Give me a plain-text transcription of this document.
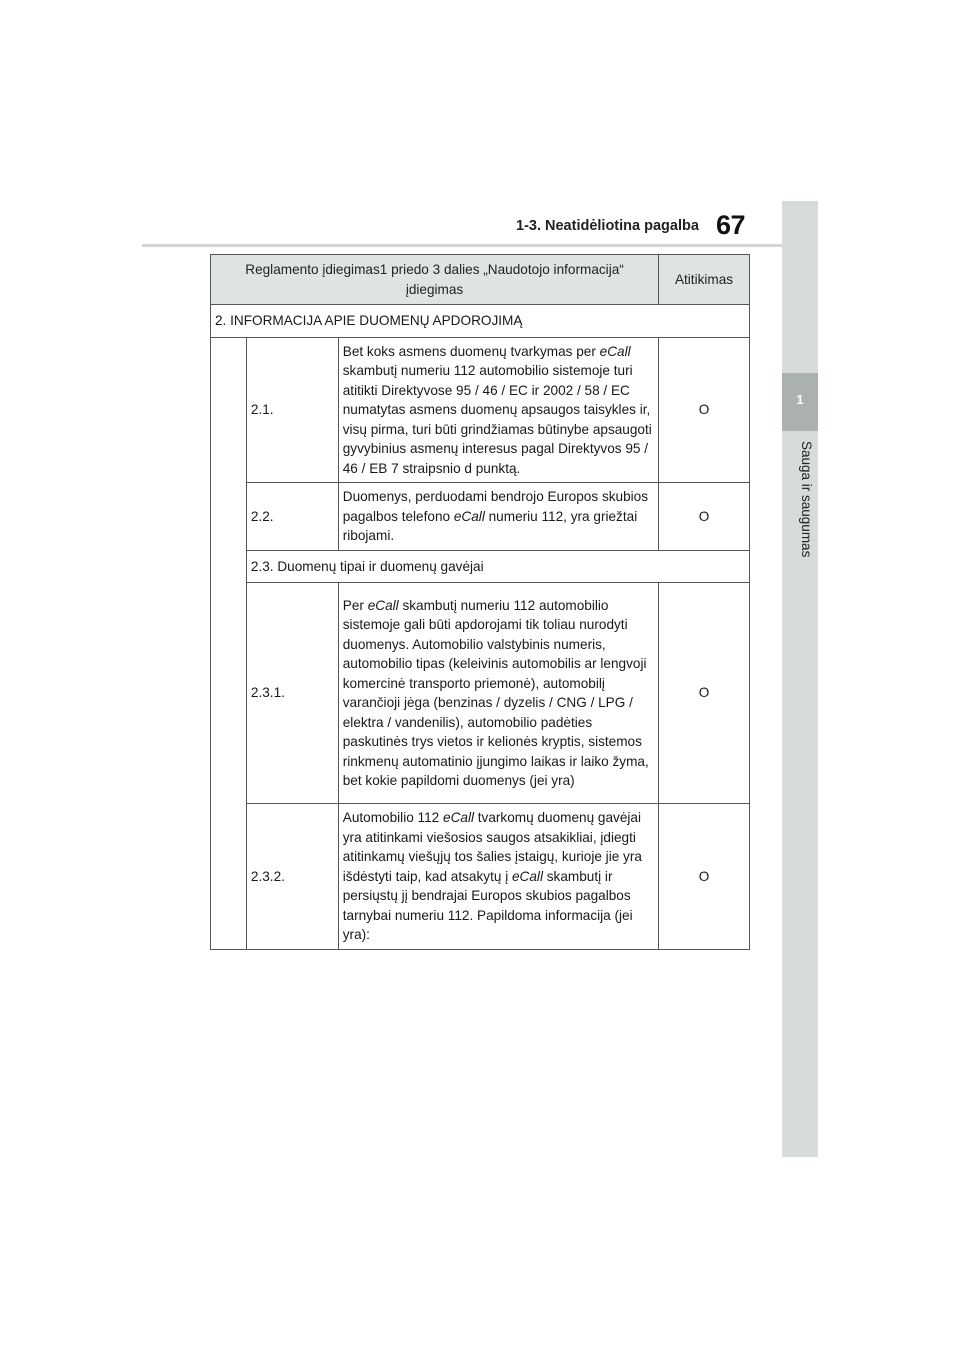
1-3. Neatidėliotina pagalba 67
1
Sauga ir saugumas
Reglamento įdiegimas1 priedo 3 dalies „Naudotojo informacija“ įdiegimas			Atitikimas
2. INFORMACIJA APIE DUOMENŲ APDOROJIMĄ			
	2.1.	Bet koks asmens duomenų tvarkymas per eCall skambutį numeriu 112 automobilio sistemoje turi atitikti Direktyvose 95 / 46 / EC ir 2002 / 58 / EC numatytas asmens duomenų apsaugos taisykles ir, visų pirma, turi būti grindžiamas būtinybe apsaugoti gyvybinius asmenų interesus pagal Direktyvos 95 / 46 / EB 7 straipsnio d punktą.	O
	2.2.	Duomenys, perduodami bendrojo Europos skubios pagalbos telefono eCall numeriu 112, yra griežtai ribojami.	O
	2.3. Duomenų tipai ir duomenų gavėjai		
	2.3.1.	Per eCall skambutį numeriu 112 automobilio sistemoje gali būti apdorojami tik toliau nurodyti duomenys. Automobilio valstybinis numeris, automobilio tipas (keleivinis automobilis ar lengvoji komercinė transporto priemonė), automobilį varančioji jėga (benzinas / dyzelis / CNG / LPG / elektra / vandenilis), automobilio padėties paskutinės trys vietos ir kelionės kryptis, sistemos rinkmenų automatinio įjungimo laikas ir laiko žyma, bet kokie papildomi duomenys (jei yra)	O
	2.3.2.	Automobilio 112 eCall tvarkomų duomenų gavėjai yra atitinkami viešosios saugos atsakikliai, įdiegti atitinkamų viešųjų tos šalies įstaigų, kurioje jie yra išdėstyti taip, kad atsakytų į eCall skambutį ir persiųstų jį bendrajai Europos skubios pagalbos tarnybai numeriu 112. Papildoma informacija (jei yra):	O
